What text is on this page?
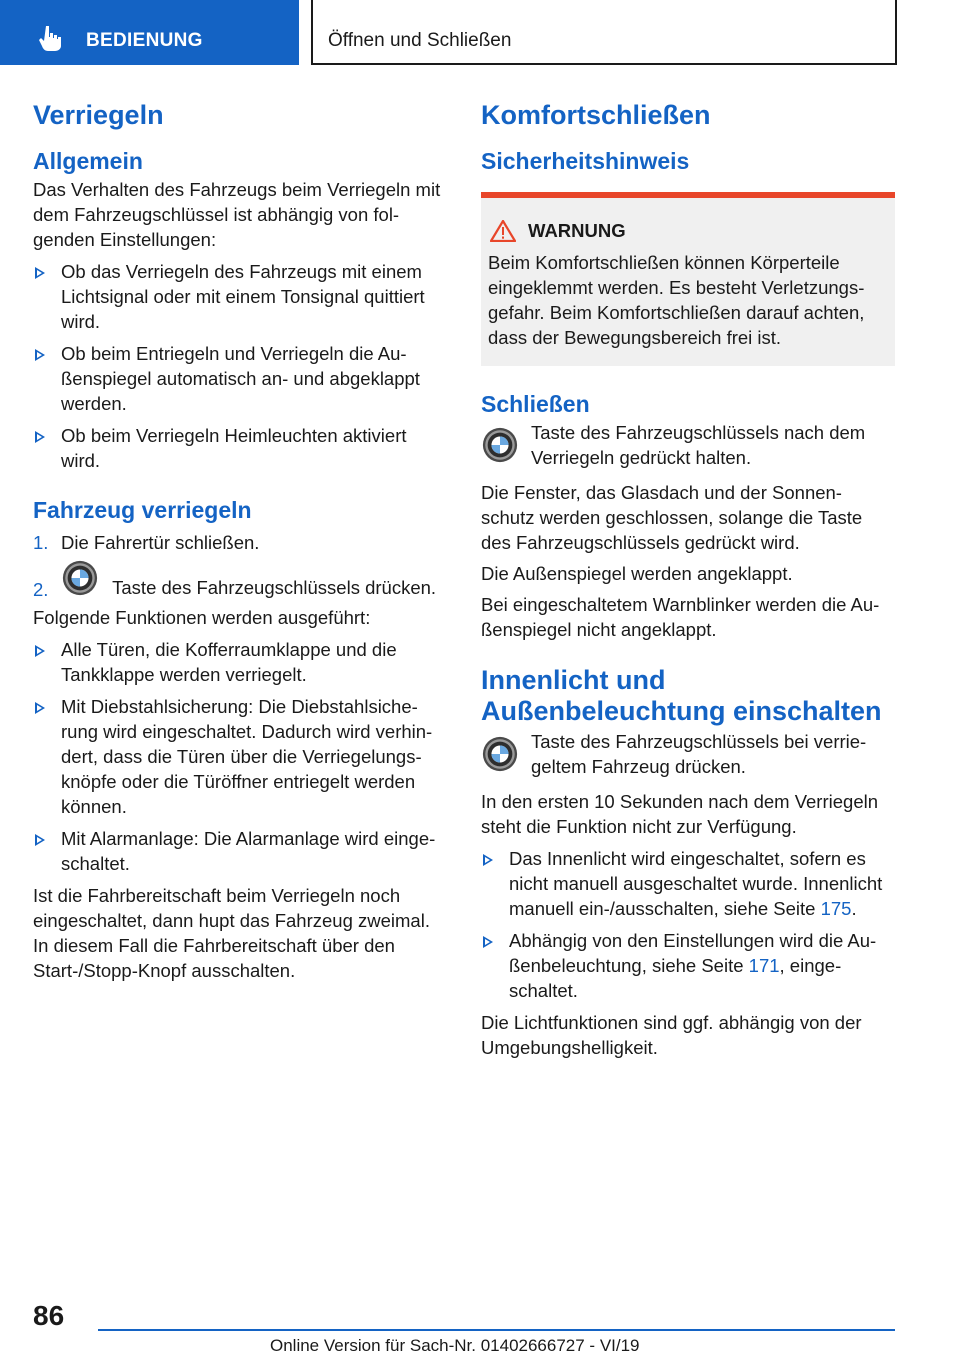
BEDIENUNG	Öffnen und Schließen
Verriegeln
Allgemein

Das Verhalten des Fahrzeugs beim Verriegeln mit dem Fahrzeugschlüssel ist abhängig von fol-genden Einstellungen:

Ob das Verriegeln des Fahrzeugs mit einem Lichtsignal oder mit einem Tonsignal quittiert wird.
Ob beim Entriegeln und Verriegeln die Au-ßenspiegel automatisch an- und abgeklappt werden.
Ob beim Verriegeln Heimleuchten aktiviert wird.
Fahrzeug verriegeln
1. Die Fahrertür schließen.
2.	Taste des Fahrzeugschlüssels drücken.

Folgende Funktionen werden ausgeführt:

Alle Türen, die Kofferraumklappe und die Tankklappe werden verriegelt.
Mit Diebstahlsicherung: Die Diebstahlsiche-rung wird eingeschaltet. Dadurch wird verhin-dert, dass die Türen über die Verriegelungs-knöpfe oder die Türöffner entriegelt werden können.
Mit Alarmanlage: Die Alarmanlage wird einge-schaltet.

Ist die Fahrbereitschaft beim Verriegeln noch eingeschaltet, dann hupt das Fahrzeug zweimal. In diesem Fall die Fahrbereitschaft über den Start-/Stopp-Knopf ausschalten.

Komfortschließen
Sicherheitshinweis
WARNUNG

Beim Komfortschließen können Körperteile eingeklemmt werden. Es besteht Verletzungs-gefahr. Beim Komfortschließen darauf achten, dass der Bewegungsbereich frei ist.

Schließen

Taste des Fahrzeugschlüssels nach dem Verriegeln gedrückt halten.

Die Fenster, das Glasdach und der Sonnen-schutz werden geschlossen, solange die Taste des Fahrzeugschlüssels gedrückt wird.

Die Außenspiegel werden angeklappt.

Bei eingeschaltetem Warnblinker werden die Au-ßenspiegel nicht angeklappt.

Innenlicht und
Außenbeleuchtung einschalten

Taste des Fahrzeugschlüssels bei verrie-geltem Fahrzeug drücken.

In den ersten 10 Sekunden nach dem Verriegeln steht die Funktion nicht zur Verfügung.

Das Innenlicht wird eingeschaltet, sofern es nicht manuell ausgeschaltet wurde. Innenlicht manuell ein-/ausschalten, siehe Seite 175.
Abhängig von den Einstellungen wird die Au-ßenbeleuchtung, siehe Seite 171, einge-schaltet.

Die Lichtfunktionen sind ggf. abhängig von der Umgebungshelligkeit.

86
Online Version für Sach-Nr. 01402666727 - VI/19
